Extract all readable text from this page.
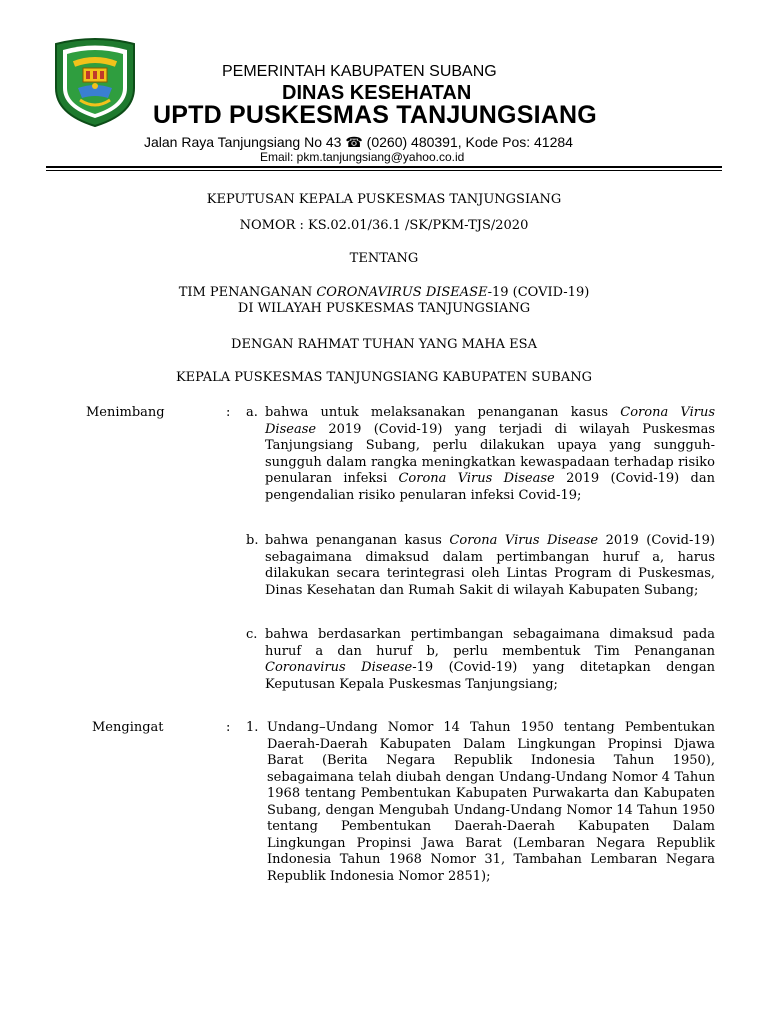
PEMERINTAH KABUPATEN SUBANG
DINAS KESEHATAN
UPTD PUSKESMAS TANJUNGSIANG
Jalan Raya Tanjungsiang No 43 ☎ (0260) 480391, Kode Pos: 41284
Email: pkm.tanjungsiang@yahoo.co.id
KEPUTUSAN KEPALA PUSKESMAS TANJUNGSIANG
NOMOR : KS.02.01/36.1 /SK/PKM-TJS/2020
TENTANG
TIM PENANGANAN CORONAVIRUS DISEASE-19 (COVID-19)
DI WILAYAH PUSKESMAS TANJUNGSIANG
DENGAN RAHMAT TUHAN YANG MAHA ESA
KEPALA PUSKESMAS TANJUNGSIANG KABUPATEN SUBANG
Menimbang	: a. bahwa untuk melaksanakan penanganan kasus Corona Virus Disease 2019 (Covid-19) yang terjadi di wilayah Puskesmas Tanjungsiang Subang, perlu dilakukan upaya yang sungguh-sungguh dalam rangka meningkatkan kewaspadaan terhadap risiko penularan infeksi Corona Virus Disease 2019 (Covid-19) dan pengendalian risiko penularan infeksi Covid-19;
b. bahwa penanganan kasus Corona Virus Disease 2019 (Covid-19) sebagaimana dimaksud dalam pertimbangan huruf a, harus dilakukan secara terintegrasi oleh Lintas Program di Puskesmas, Dinas Kesehatan dan Rumah Sakit di wilayah Kabupaten Subang;
c. bahwa berdasarkan pertimbangan sebagaimana dimaksud pada huruf a dan huruf b, perlu membentuk Tim Penanganan Coronavirus Disease-19 (Covid-19) yang ditetapkan dengan Keputusan Kepala Puskesmas Tanjungsiang;
Mengingat	: 1. Undang–Undang Nomor 14 Tahun 1950 tentang Pembentukan Daerah-Daerah Kabupaten Dalam Lingkungan Propinsi Djawa Barat (Berita Negara Republik Indonesia Tahun 1950), sebagaimana telah diubah dengan Undang-Undang Nomor 4 Tahun 1968 tentang Pembentukan Kabupaten Purwakarta dan Kabupaten Subang, dengan Mengubah Undang-Undang Nomor 14 Tahun 1950 tentang Pembentukan Daerah-Daerah Kabupaten Dalam Lingkungan Propinsi Jawa Barat (Lembaran Negara Republik Indonesia Tahun 1968 Nomor 31, Tambahan Lembaran Negara Republik Indonesia Nomor 2851);
